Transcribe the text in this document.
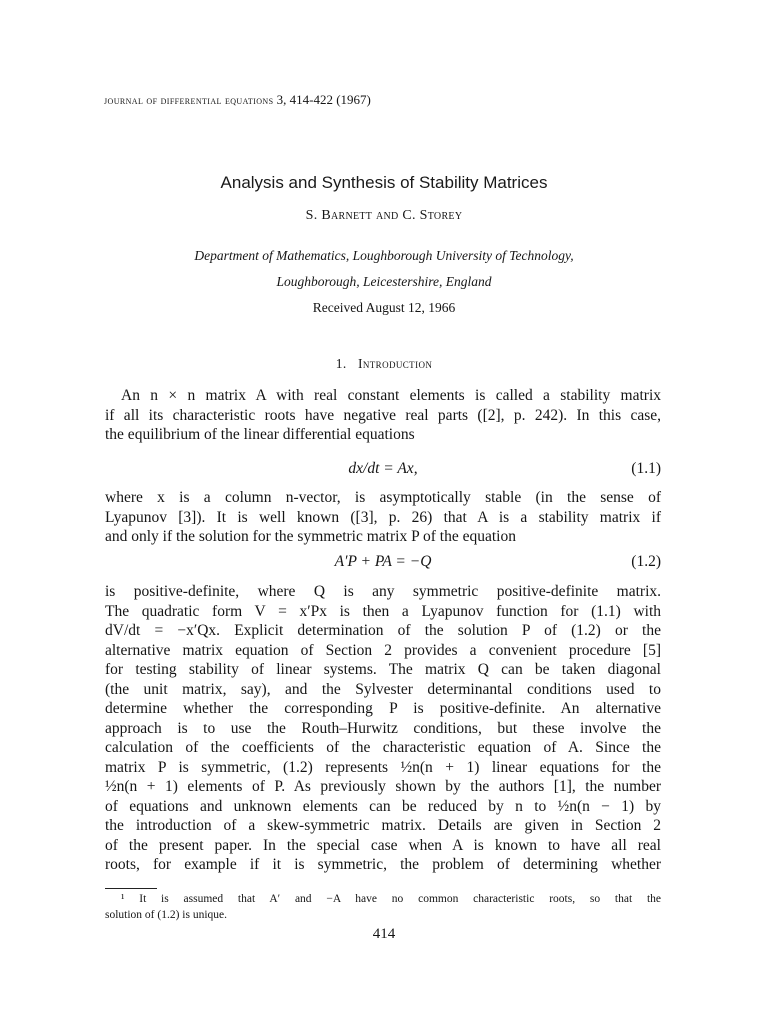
journal of differential equations 3, 414-422 (1967)
Analysis and Synthesis of Stability Matrices
S. Barnett and C. Storey
Department of Mathematics, Loughborough University of Technology,
Loughborough, Leicestershire, England
Received August 12, 1966
1. Introduction
An n × n matrix A with real constant elements is called a stability matrix
if all its characteristic roots have negative real parts ([2], p. 242). In this case,
the equilibrium of the linear differential equations
dx/dt = Ax,	(1.1)
where x is a column n-vector, is asymptotically stable (in the sense of
Lyapunov [3]). It is well known ([3], p. 26) that A is a stability matrix if
and only if the solution for the symmetric matrix P of the equation
A′P + PA = −Q	(1.2)
is positive-definite, where Q is any symmetric positive-definite matrix.
The quadratic form V = x′Px is then a Lyapunov function for (1.1) with
dV/dt = −x′Qx. Explicit determination of the solution P of (1.2) or the
alternative matrix equation of Section 2 provides a convenient procedure [5]
for testing stability of linear systems. The matrix Q can be taken diagonal
(the unit matrix, say), and the Sylvester determinantal conditions used to
determine whether the corresponding P is positive-definite. An alternative
approach is to use the Routh–Hurwitz conditions, but these involve the
calculation of the coefficients of the characteristic equation of A. Since the
matrix P is symmetric, (1.2) represents ½n(n + 1) linear equations for the
½n(n + 1) elements of P. As previously shown by the authors [1], the number
of equations and unknown elements can be reduced by n to ½n(n − 1) by
the introduction of a skew-symmetric matrix. Details are given in Section 2
of the present paper. In the special case when A is known to have all real
roots, for example if it is symmetric, the problem of determining whether
¹ It is assumed that A′ and −A have no common characteristic roots, so that the
solution of (1.2) is unique.
414
